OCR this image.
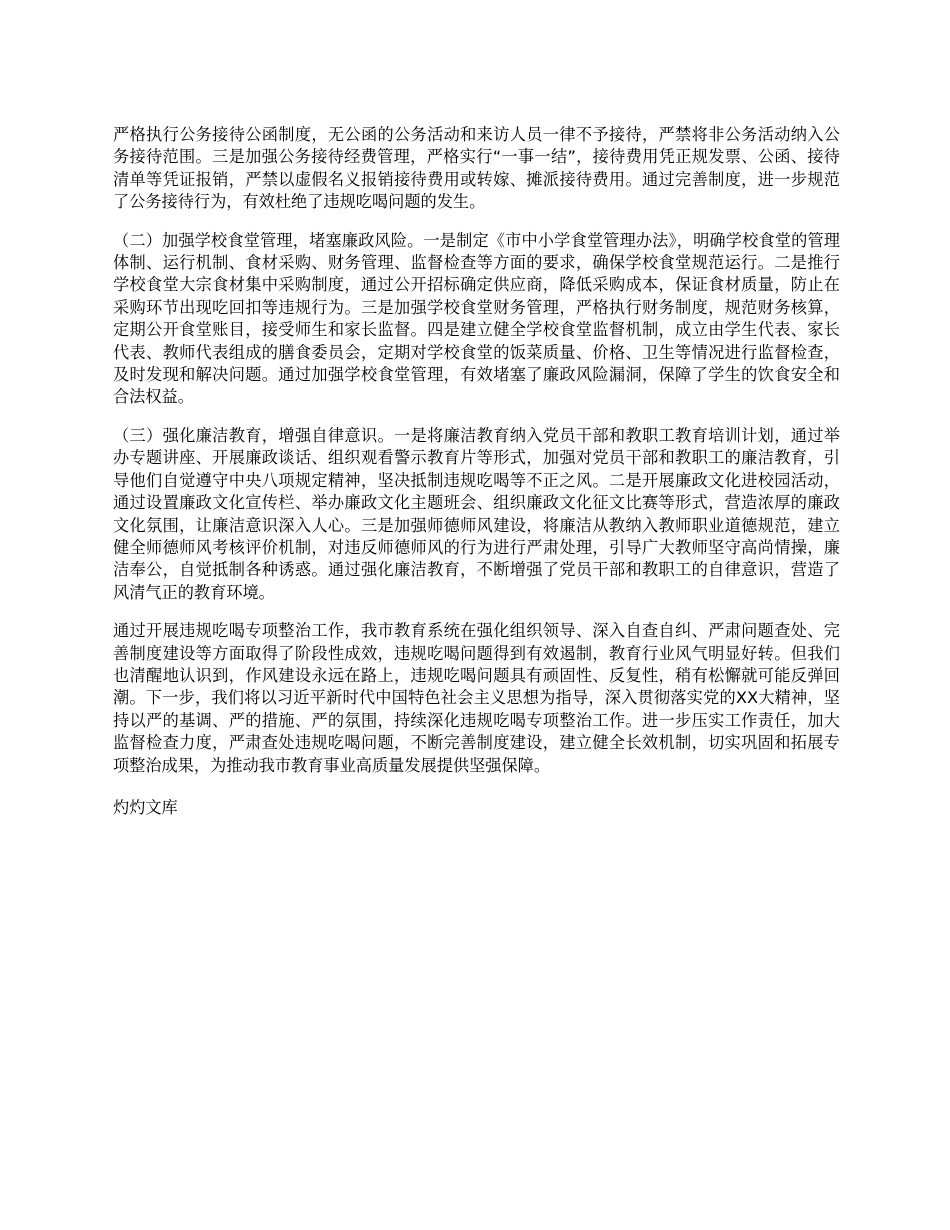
严格执行公务接待公函制度，无公函的公务活动和来访人员一律不予接待，严禁将非公务活动纳入公务接待范围。三是加强公务接待经费管理，严格实行“一事一结”，接待费用凭正规发票、公函、接待清单等凭证报销，严禁以虚假名义报销接待费用或转嫁、摊派接待费用。通过完善制度，进一步规范了公务接待行为，有效杜绝了违规吃喝问题的发生。

（二）加强学校食堂管理，堵塞廉政风险。一是制定《市中小学食堂管理办法》，明确学校食堂的管理体制、运行机制、食材采购、财务管理、监督检查等方面的要求，确保学校食堂规范运行。二是推行学校食堂大宗食材集中采购制度，通过公开招标确定供应商，降低采购成本，保证食材质量，防止在采购环节出现吃回扣等违规行为。三是加强学校食堂财务管理，严格执行财务制度，规范财务核算，定期公开食堂账目，接受师生和家长监督。四是建立健全学校食堂监督机制，成立由学生代表、家长代表、教师代表组成的膳食委员会，定期对学校食堂的饭菜质量、价格、卫生等情况进行监督检查，及时发现和解决问题。通过加强学校食堂管理，有效堵塞了廉政风险漏洞，保障了学生的饮食安全和合法权益。

（三）强化廉洁教育，增强自律意识。一是将廉洁教育纳入党员干部和教职工教育培训计划，通过举办专题讲座、开展廉政谈话、组织观看警示教育片等形式，加强对党员干部和教职工的廉洁教育，引导他们自觉遵守中央八项规定精神，坚决抵制违规吃喝等不正之风。二是开展廉政文化进校园活动，通过设置廉政文化宣传栏、举办廉政文化主题班会、组织廉政文化征文比赛等形式，营造浓厚的廉政文化氛围，让廉洁意识深入人心。三是加强师德师风建设，将廉洁从教纳入教师职业道德规范，建立健全师德师风考核评价机制，对违反师德师风的行为进行严肃处理，引导广大教师坚守高尚情操，廉洁奉公，自觉抵制各种诱惑。通过强化廉洁教育，不断增强了党员干部和教职工的自律意识，营造了风清气正的教育环境。

通过开展违规吃喝专项整治工作，我市教育系统在强化组织领导、深入自查自纠、严肃问题查处、完善制度建设等方面取得了阶段性成效，违规吃喝问题得到有效遏制，教育行业风气明显好转。但我们也清醒地认识到，作风建设永远在路上，违规吃喝问题具有顽固性、反复性，稍有松懈就可能反弹回潮。下一步，我们将以习近平新时代中国特色社会主义思想为指导，深入贯彻落实党的XX大精神，坚持以严的基调、严的措施、严的氛围，持续深化违规吃喝专项整治工作。进一步压实工作责任，加大监督检查力度，严肃查处违规吃喝问题，不断完善制度建设，建立健全长效机制，切实巩固和拓展专项整治成果，为推动我市教育事业高质量发展提供坚强保障。

灼灼文库
